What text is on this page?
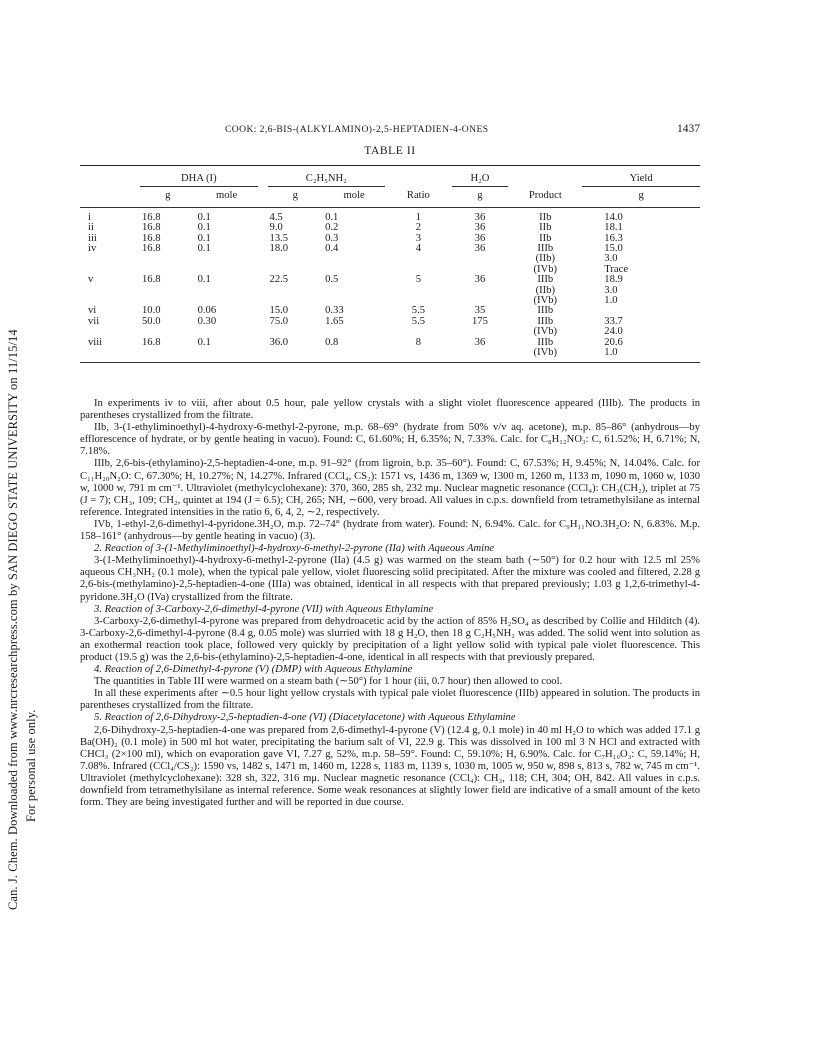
Can. J. Chem. Downloaded from www.nrcresearchpress.com by SAN DIEGO STATE UNIVERSITY on 11/15/14 For personal use only.
COOK: 2,6-BIS-(ALKYLAMINO)-2,5-HEPTADIEN-4-ONES	1437
TABLE II

	DHA (I)			C₂H₅NH₂			H₂O		Yield
	g	mole		g	mole	Ratio	g	Product	g

i	16.8	0.1		4.5	0.1	1	36	IIb	14.0
ii	16.8	0.1		9.0	0.2	2	36	IIb	18.1
iii	16.8	0.1		13.5	0.3	3	36	IIb	16.3
iv	16.8	0.1		18.0	0.4	4	36	IIIb	15.0
								(IIb)	3.0
								(IVb)	Trace
v	16.8	0.1		22.5	0.5	5	36	IIIb	18.9
								(IIb)	3.0
								(IVb)	1.0
vi	10.0	0.06		15.0	0.33	5.5	35	IIIb	
vii	50.0	0.30		75.0	1.65	5.5	175	IIIb	33.7
								(IVb)	24.0
viii	16.8	0.1		36.0	0.8	8	36	IIIb	20.6
								(IVb)	1.0

In experiments iv to viii, after about 0.5 hour, pale yellow crystals with a slight violet fluorescence appeared (IIIb). The products in parentheses crystallized from the filtrate.

IIb, 3-(1-ethyliminoethyl)-4-hydroxy-6-methyl-2-pyrone, m.p. 68–69° (hydrate from 50% v/v aq. acetone), m.p. 85–86° (anhydrous—by efflorescence of hydrate, or by gentle heating in vacuo). Found: C, 61.60%; H, 6.35%; N, 7.33%. Calc. for C₈H₁₂NO₃: C, 61.52%; H, 6.71%; N, 7.18%.

IIIb, 2,6-bis-(ethylamino)-2,5-heptadien-4-one, m.p. 91–92° (from ligroin, b.p. 35–60°). Found: C, 67.53%; H, 9.45%; N, 14.04%. Calc. for C₁₁H₂₀N₂O: C, 67.30%; H, 10.27%; N, 14.27%. Infrared (CCl₄, CS₂): 1571 vs, 1436 m, 1369 w, 1300 m, 1260 m, 1133 m, 1090 m, 1060 w, 1030 w, 1000 w, 791 m cm⁻¹. Ultraviolet (methylcyclohexane): 370, 360, 285 sh, 232 mμ. Nuclear magnetic resonance (CCl₄): CH₃(CH₂), triplet at 75 (J = 7); CH₃, 109; CH₂, quintet at 194 (J = 6.5); CH, 265; NH, ∼600, very broad. All values in c.p.s. downfield from tetramethylsilane as internal reference. Integrated intensities in the ratio 6, 6, 4, 2, ∼2, respectively.

IVb, 1-ethyl-2,6-dimethyl-4-pyridone.3H₂O, m.p. 72–74° (hydrate from water). Found: N, 6.94%. Calc. for C₉H₁₁NO.3H₂O: N, 6.83%. M.p. 158–161° (anhydrous—by gentle heating in vacuo) (3).

2. Reaction of 3-(1-Methyliminoethyl)-4-hydroxy-6-methyl-2-pyrone (IIa) with Aqueous Amine

3-(1-Methyliminoethyl)-4-hydroxy-6-methyl-2-pyrone (IIa) (4.5 g) was warmed on the steam bath (∼50°) for 0.2 hour with 12.5 ml 25% aqueous CH₃NH₂ (0.1 mole), when the typical pale yellow, violet fluorescing solid precipitated. After the mixture was cooled and filtered, 2.28 g 2,6-bis-(methylamino)-2,5-heptadien-4-one (IIIa) was obtained, identical in all respects with that prepared previously; 1.03 g 1,2,6-trimethyl-4-pyridone.3H₂O (IVa) crystallized from the filtrate.

3. Reaction of 3-Carboxy-2,6-dimethyl-4-pyrone (VII) with Aqueous Ethylamine

3-Carboxy-2,6-dimethyl-4-pyrone was prepared from dehydroacetic acid by the action of 85% H₂SO₄ as described by Collie and Hilditch (4). 3-Carboxy-2,6-dimethyl-4-pyrone (8.4 g, 0.05 mole) was slurried with 18 g H₂O, then 18 g C₂H₅NH₂ was added. The solid went into solution as an exothermal reaction took place, followed very quickly by precipitation of a light yellow solid with typical pale violet fluorescence. This product (19.5 g) was the 2,6-bis-(ethylamino)-2,5-heptadien-4-one, identical in all respects with that previously prepared.

4. Reaction of 2,6-Dimethyl-4-pyrone (V) (DMP) with Aqueous Ethylamine

The quantities in Table III were warmed on a steam bath (∼50°) for 1 hour (iii, 0.7 hour) then allowed to cool.

In all these experiments after ∼0.5 hour light yellow crystals with typical pale violet fluorescence (IIIb) appeared in solution. The products in parentheses crystallized from the filtrate.

5. Reaction of 2,6-Dihydroxy-2,5-heptadien-4-one (VI) (Diacetylacetone) with Aqueous Ethylamine

2,6-Dihydroxy-2,5-heptadien-4-one was prepared from 2,6-dimethyl-4-pyrone (V) (12.4 g, 0.1 mole) in 40 ml H₂O to which was added 17.1 g Ba(OH)₂ (0.1 mole) in 500 ml hot water, precipitating the barium salt of VI, 22.9 g. This was dissolved in 100 ml 3 N HCl and extracted with CHCl₃ (2×100 ml), which on evaporation gave VI, 7.27 g, 52%, m.p. 58–59°. Found: C, 59.10%; H, 6.90%. Calc. for C₇H₁₀O₃: C, 59.14%; H, 7.08%. Infrared (CCl₄/CS₂): 1590 vs, 1482 s, 1471 m, 1460 m, 1228 s, 1183 m, 1139 s, 1030 m, 1005 w, 950 w, 898 s, 813 s, 782 w, 745 m cm⁻¹. Ultraviolet (methylcyclohexane): 328 sh, 322, 316 mμ. Nuclear magnetic resonance (CCl₄): CH₃, 118; CH, 304; OH, 842. All values in c.p.s. downfield from tetramethylsilane as internal reference. Some weak resonances at slightly lower field are indicative of a small amount of the keto form. They are being investigated further and will be reported in due course.
